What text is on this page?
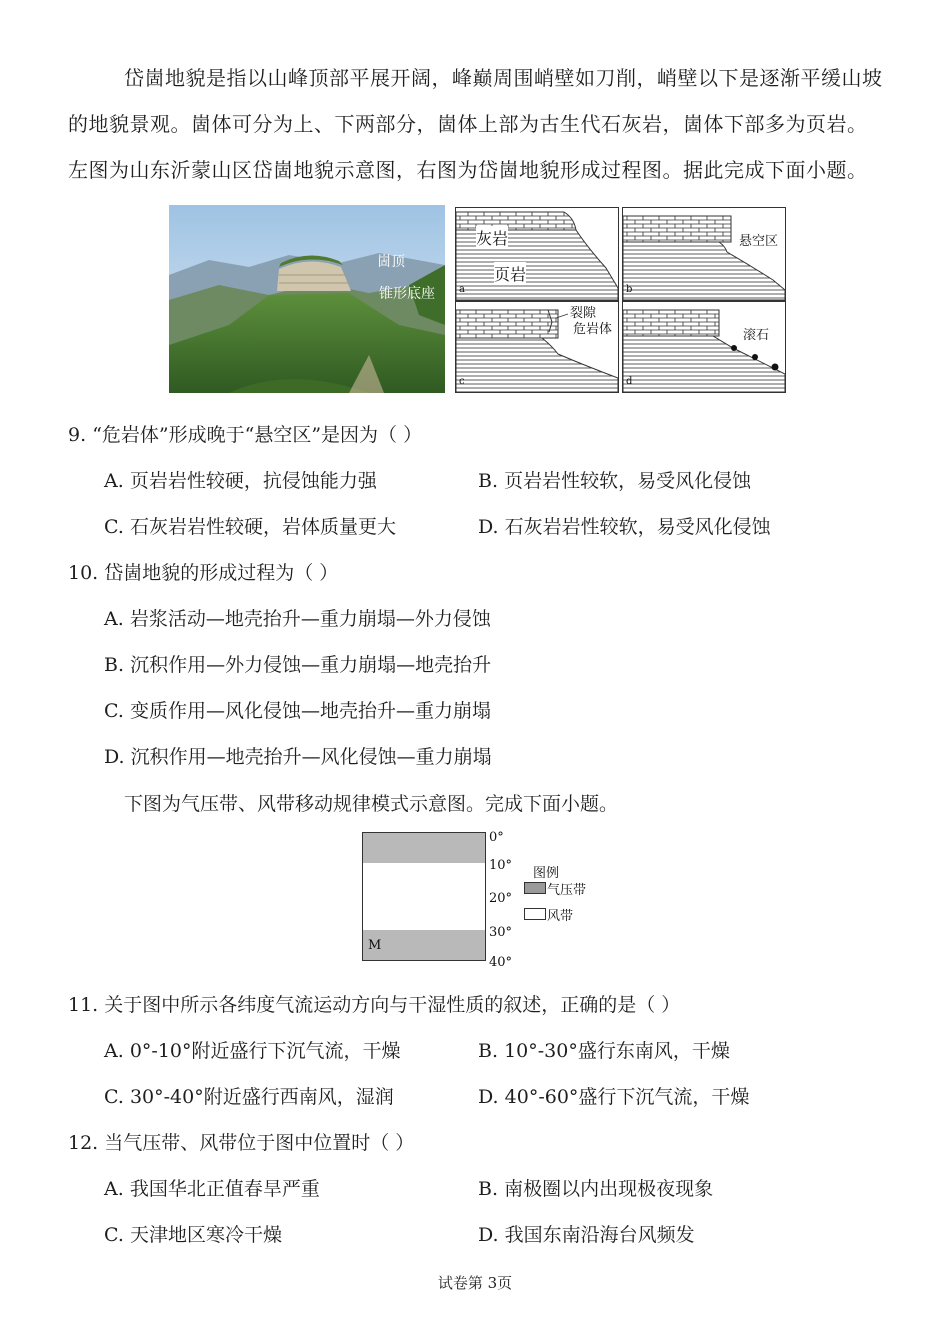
岱崮地貌是指以山峰顶部平展开阔，峰巅周围峭壁如刀削，峭壁以下是逐渐平缓山坡
的地貌景观。崮体可分为上、下两部分，崮体上部为古生代石灰岩，崮体下部多为页岩。
左图为山东沂蒙山区岱崮地貌示意图，右图为岱崮地貌形成过程图。据此完成下面小题。
崮顶
锥形底座
灰岩
页岩
a
悬空区
b
裂隙
危岩体
c
滚石
d
9. “危岩体”形成晚于“悬空区”是因为（ ）
A. 页岩岩性较硬，抗侵蚀能力强	B. 页岩岩性较软，易受风化侵蚀
C. 石灰岩岩性较硬，岩体质量更大	D. 石灰岩岩性较软，易受风化侵蚀
10. 岱崮地貌的形成过程为（ ）
A. 岩浆活动—地壳抬升—重力崩塌—外力侵蚀
B. 沉积作用—外力侵蚀—重力崩塌—地壳抬升
C. 变质作用—风化侵蚀—地壳抬升—重力崩塌
D. 沉积作用—地壳抬升—风化侵蚀—重力崩塌
下图为气压带、风带移动规律模式示意图。完成下面小题。
M
0°
10°
20°
30°
40°
图例
气压带
风带
11. 关于图中所示各纬度气流运动方向与干湿性质的叙述，正确的是（ ）
A. 0°-10°附近盛行下沉气流，干燥	B. 10°-30°盛行东南风，干燥
C. 30°-40°附近盛行西南风，湿润	D. 40°-60°盛行下沉气流，干燥
12. 当气压带、风带位于图中位置时（ ）
A. 我国华北正值春旱严重	B. 南极圈以内出现极夜现象
C. 天津地区寒冷干燥	D. 我国东南沿海台风频发
试卷第 3页
